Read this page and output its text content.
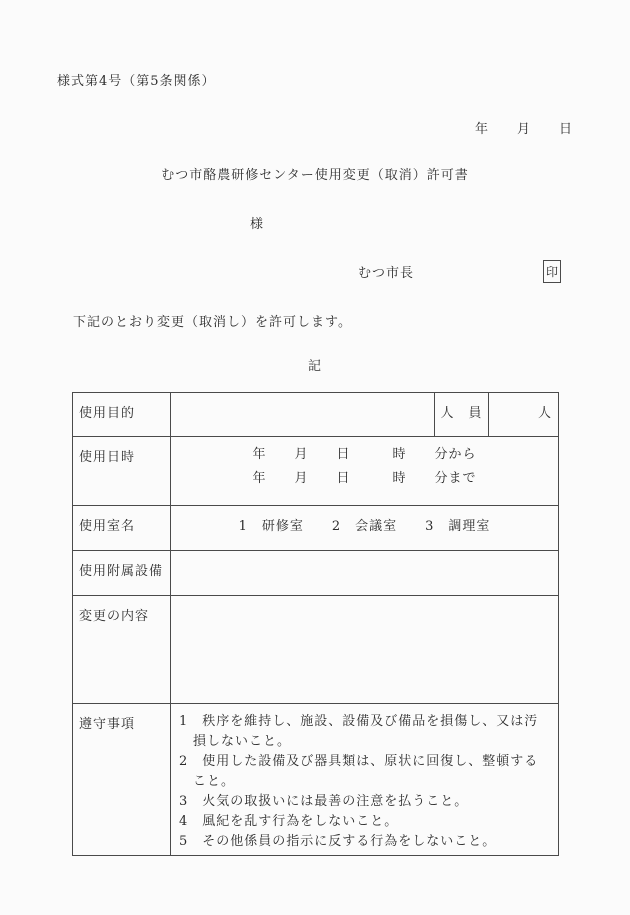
様式第4号（第5条関係）
年　　月　　日
むつ市酪農研修センター使用変更（取消）許可書
様
むつ市長	印
下記のとおり変更（取消し）を許可します。
記
使用目的		人　員	人
使用日時	年　　月　　日　　　時　　分から
年　　月　　日　　　時　　分まで		

使用室名	1　研修室　　2　会議室　　3　調理室		
使用附属設備			
変更の内容			
遵守事項	1　秩序を維持し、施設、設備及び備品を損傷し、又は汚損しないこと。
2　使用した設備及び器具類は、原状に回復し、整頓すること。
3　火気の取扱いには最善の注意を払うこと。
4　風紀を乱す行為をしないこと。
5　その他係員の指示に反する行為をしないこと。		
